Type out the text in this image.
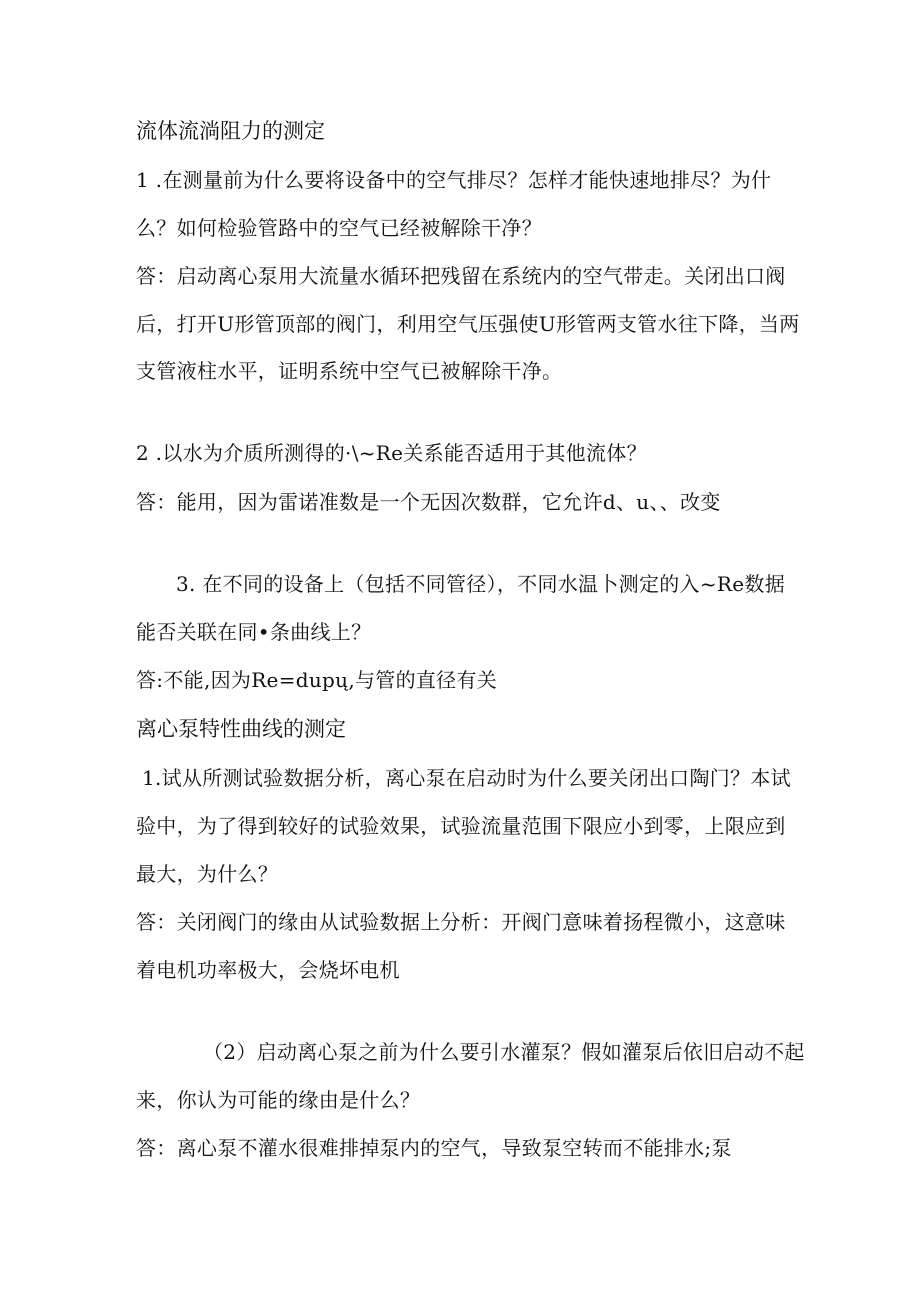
流体流淌阻力的测定
1 .在测量前为什么要将设备中的空气排尽？怎样才能快速地排尽？为什
么？如何检验管路中的空气已经被解除干净？
答：启动离心泵用大流量水循环把残留在系统内的空气带走。关闭出口阀
后，打开U形管顶部的阀门，利用空气压强使U形管两支管水往下降，当两
支管液柱水平，证明系统中空气已被解除干净。
2 .以水为介质所测得的·\~Re关系能否适用于其他流体？
答：能用，因为雷诺准数是一个无因次数群，它允许d、u、、改变
3. 在不同的设备上（包括不同管径），不同水温卜测定的入~Re数据
能否关联在同•条曲线上？
答:不能,因为Re=dupų,与管的直径有关
离心泵特性曲线的测定
1.试从所测试验数据分析，离心泵在启动时为什么要关闭出口陶门？本试
验中，为了得到较好的试验效果，试验流量范围下限应小到零，上限应到
最大，为什么？
答：关闭阀门的缘由从试验数据上分析：开阀门意味着扬程微小，这意味
着电机功率极大，会烧坏电机
（2）启动离心泵之前为什么要引水灌泵？假如灌泵后依旧启动不起
来，你认为可能的缘由是什么？
答：离心泵不灌水很难排掉泵内的空气，导致泵空转而不能排水;泵
